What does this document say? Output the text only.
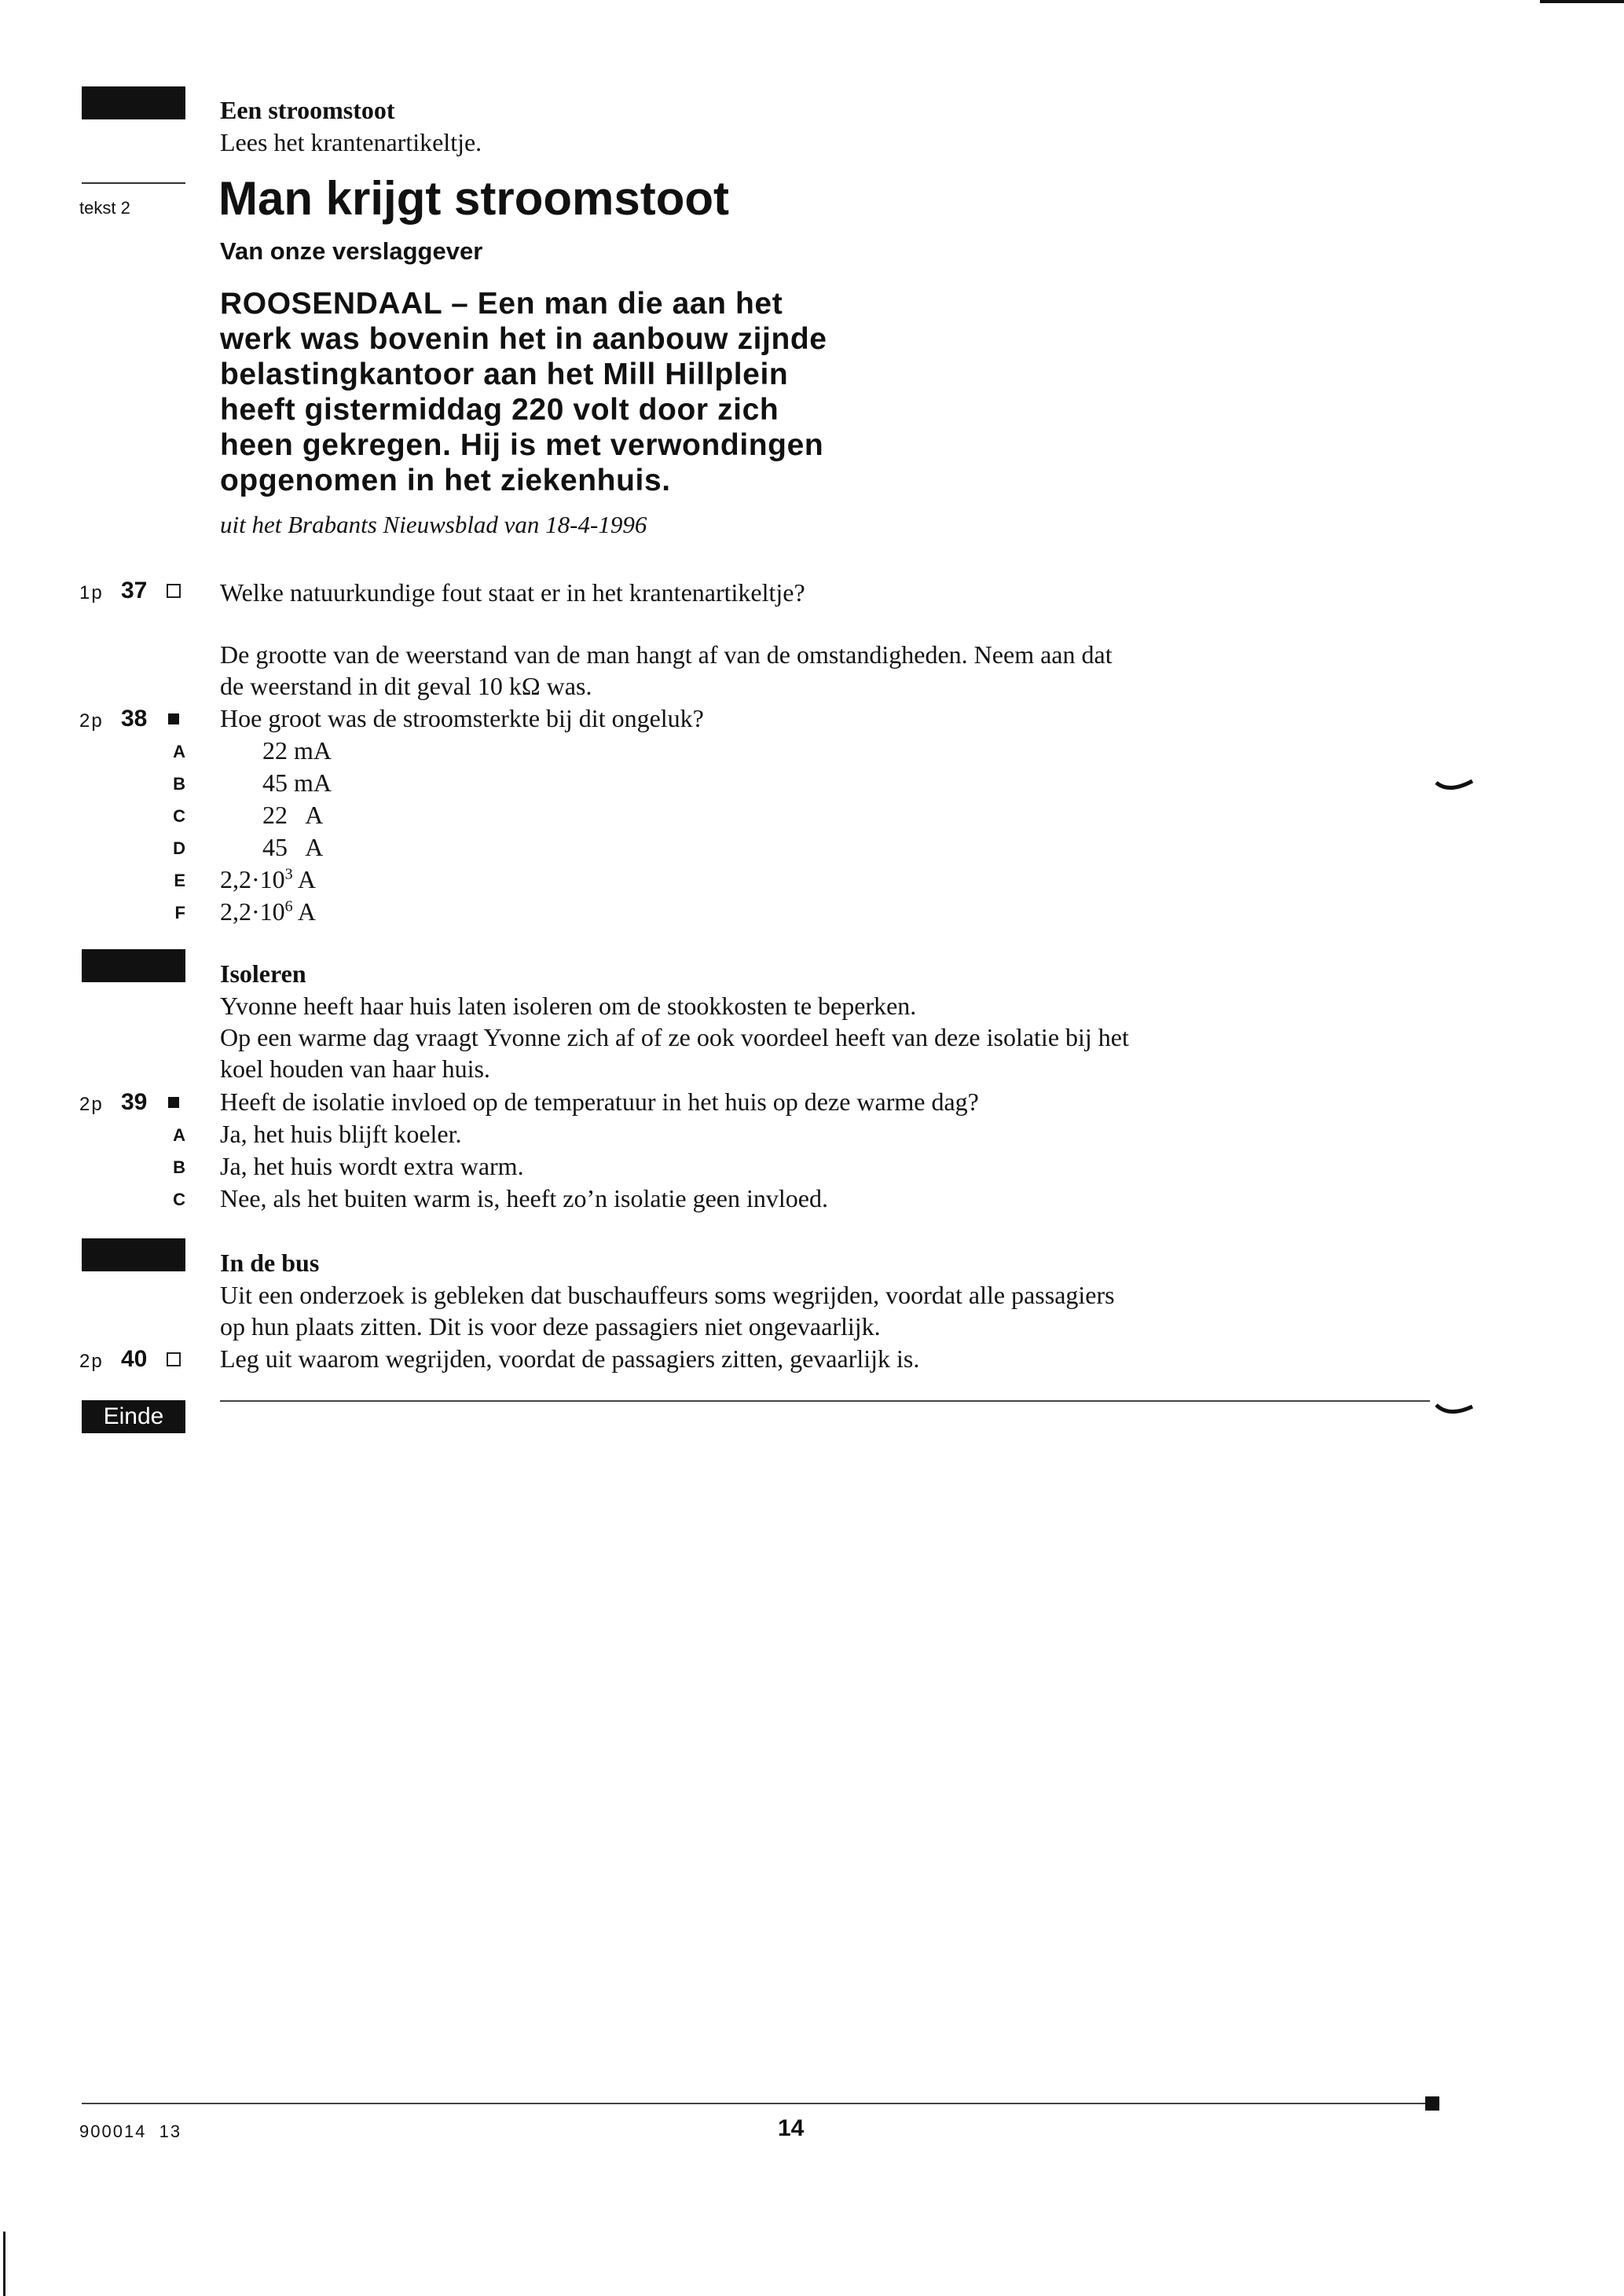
Een stroomstoot
Lees het krantenartikeltje.
tekst 2 Man krijgt stroomstoot
Van onze verslaggever
ROOSENDAAL – Een man die aan het
werk was bovenin het in aanbouw zijnde
belastingkantoor aan het Mill Hillplein
heeft gistermiddag 220 volt door zich
heen gekregen. Hij is met verwondingen
opgenomen in het ziekenhuis.
uit het Brabants Nieuwsblad van 18-4-1996
1p 37	Welke natuurkundige fout staat er in het krantenartikeltje?
De grootte van de weerstand van de man hangt af van de omstandigheden. Neem aan dat
de weerstand in dit geval 10 kΩ was.
2p 38	Hoe groot was de stroomsterkte bij dit ongeluk?
A	22 mA
B	45 mA
C	22   A
D	45   A
E $2,2\cdot 10^3$ A
F $2,2\cdot 10^6$ A
Isoleren
Yvonne heeft haar huis laten isoleren om de stookkosten te beperken.
Op een warme dag vraagt Yvonne zich af of ze ook voordeel heeft van deze isolatie bij het
koel houden van haar huis.
2p 39	Heeft de isolatie invloed op de temperatuur in het huis op deze warme dag?
A Ja, het huis blijft koeler.
B Ja, het huis wordt extra warm.
C Nee, als het buiten warm is, heeft zo’n isolatie geen invloed.
In de bus
Uit een onderzoek is gebleken dat buschauffeurs soms wegrijden, voordat alle passagiers
op hun plaats zitten. Dit is voor deze passagiers niet ongevaarlijk.
2p 40	Leg uit waarom wegrijden, voordat de passagiers zitten, gevaarlijk is.
Einde
900014  13	14
